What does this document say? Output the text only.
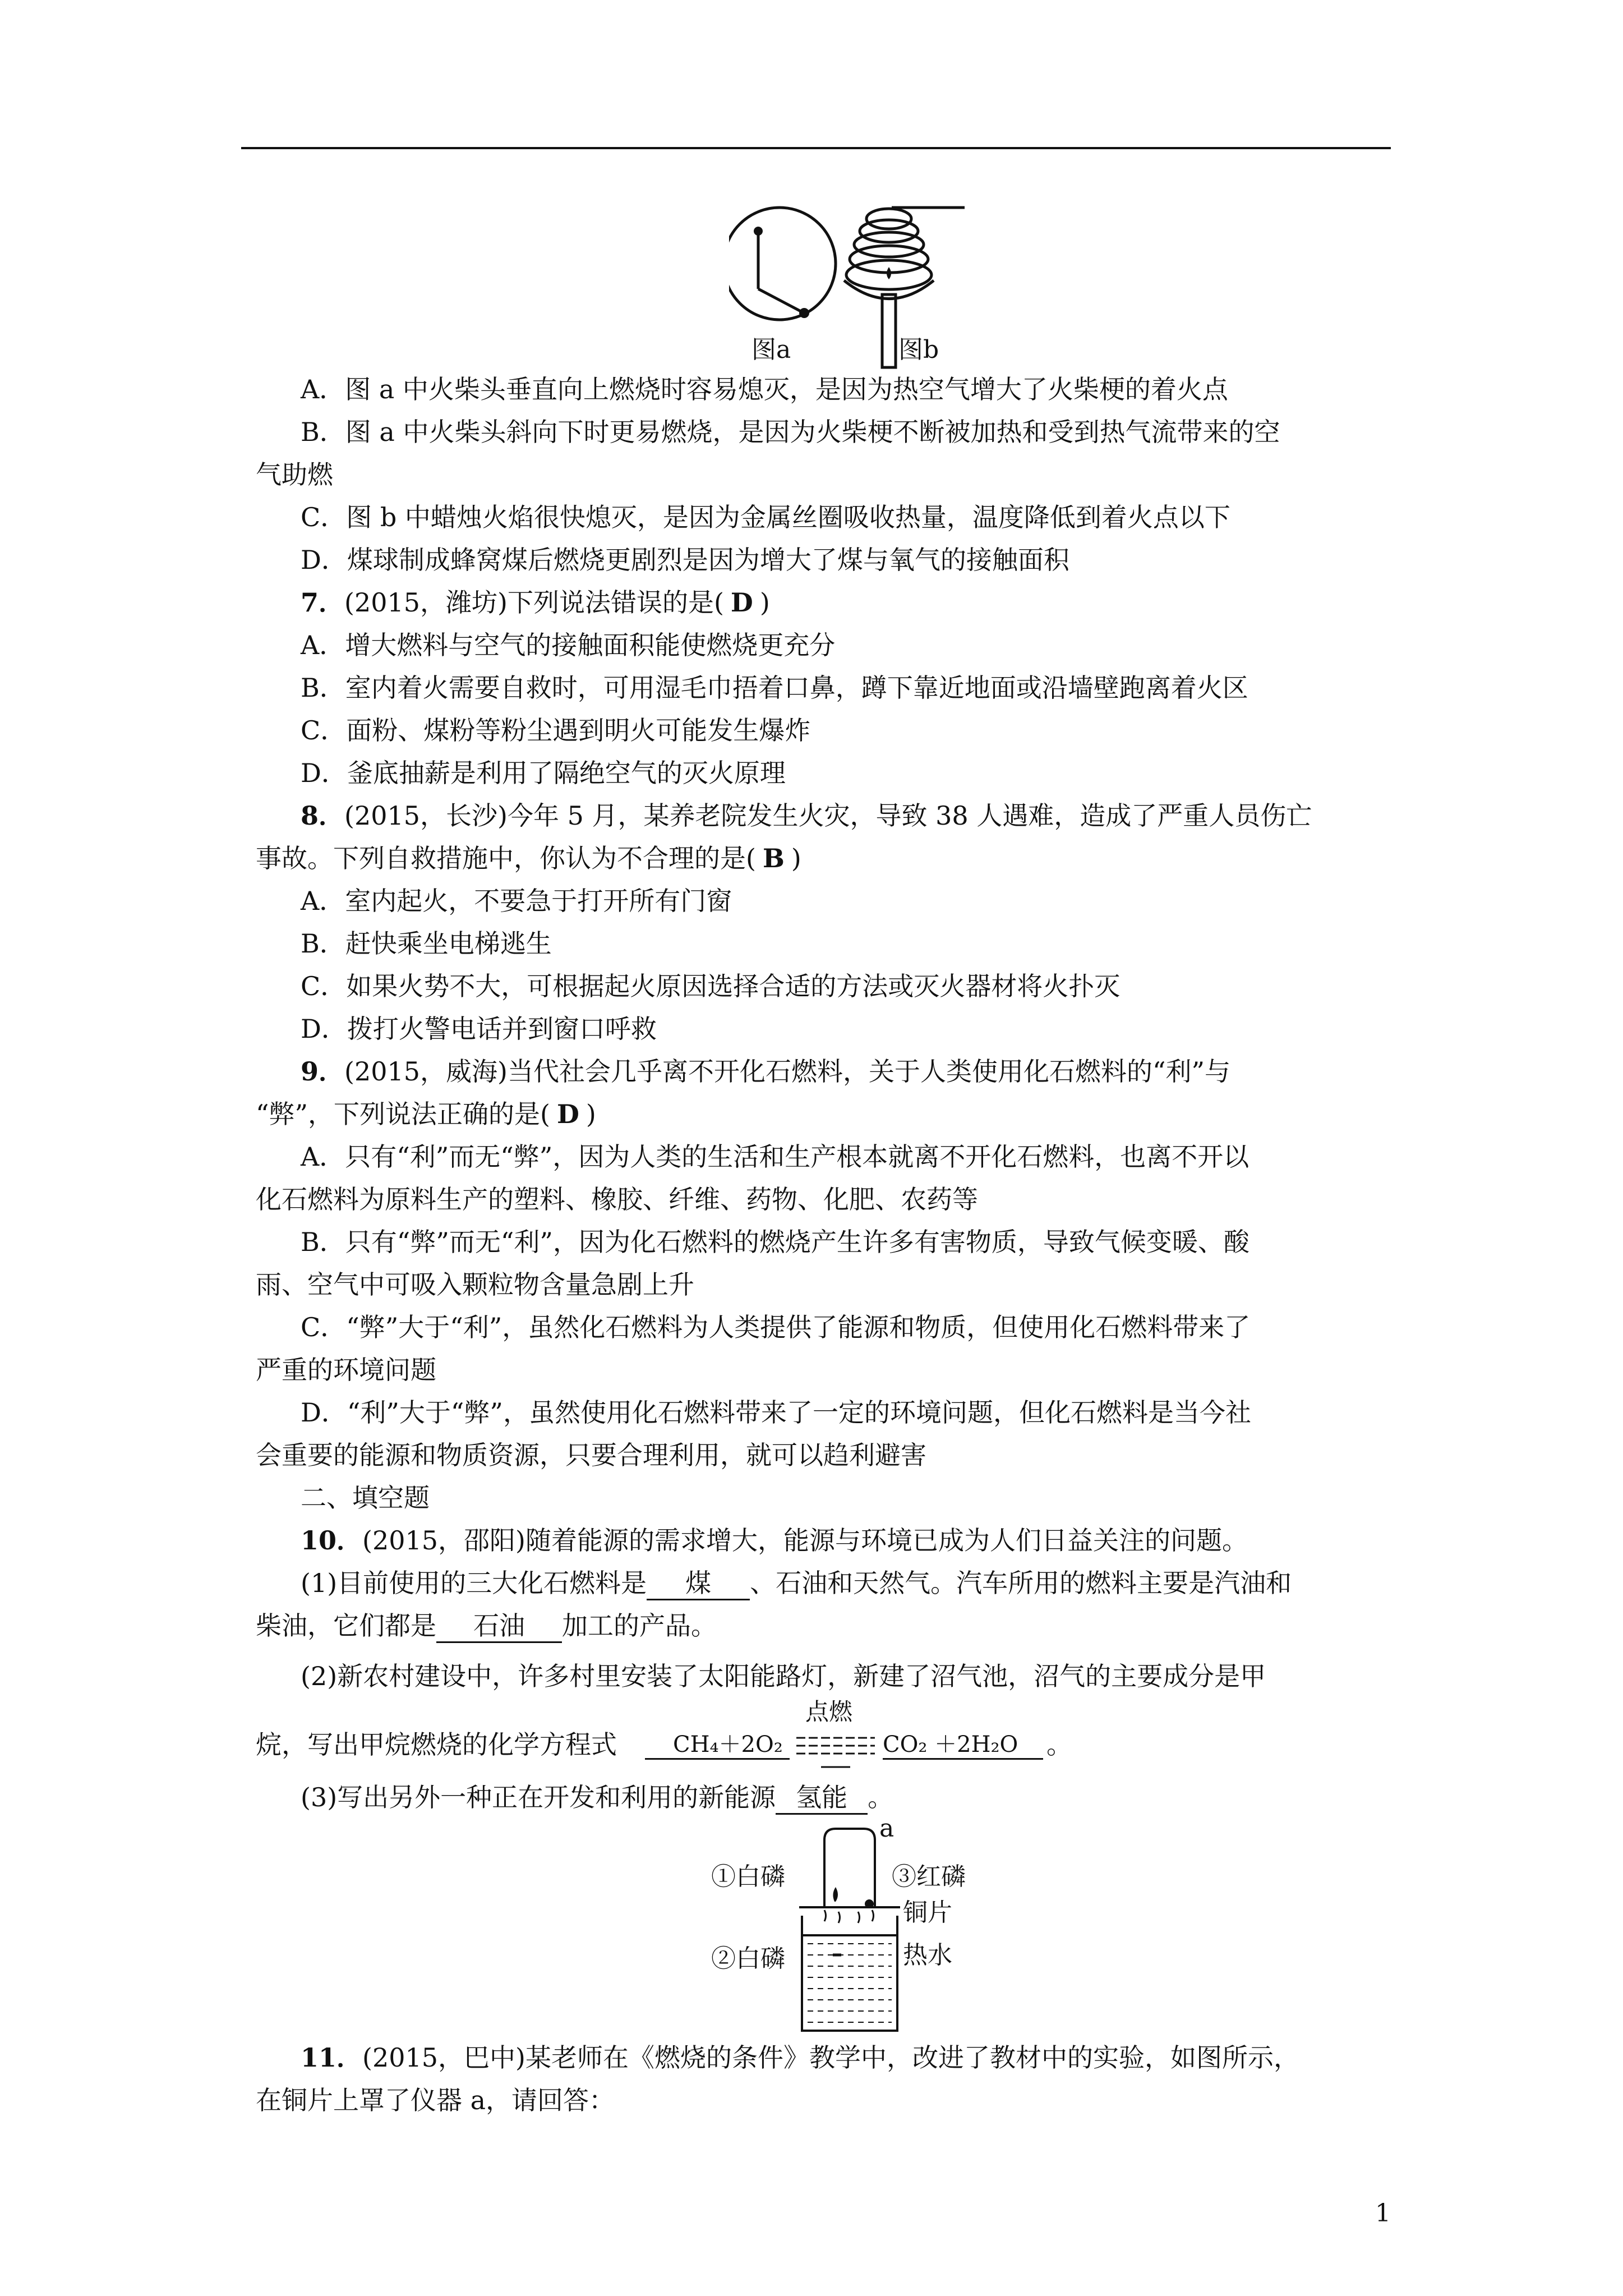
图a	图b
A．图 a 中火柴头垂直向上燃烧时容易熄灭，是因为热空气增大了火柴梗的着火点
B．图 a 中火柴头斜向下时更易燃烧，是因为火柴梗不断被加热和受到热气流带来的空
气助燃
C．图 b 中蜡烛火焰很快熄灭，是因为金属丝圈吸收热量，温度降低到着火点以下
D．煤球制成蜂窝煤后燃烧更剧烈是因为增大了煤与氧气的接触面积
7．(2015，潍坊)下列说法错误的是( D )
A．增大燃料与空气的接触面积能使燃烧更充分
B．室内着火需要自救时，可用湿毛巾捂着口鼻，蹲下靠近地面或沿墙壁跑离着火区
C．面粉、煤粉等粉尘遇到明火可能发生爆炸
D．釜底抽薪是利用了隔绝空气的灭火原理
8．(2015，长沙)今年 5 月，某养老院发生火灾，导致 38 人遇难，造成了严重人员伤亡
事故。下列自救措施中，你认为不合理的是( B )
A．室内起火，不要急于打开所有门窗
B．赶快乘坐电梯逃生
C．如果火势不大，可根据起火原因选择合适的方法或灭火器材将火扑灭
D．拨打火警电话并到窗口呼救
9．(2015，威海)当代社会几乎离不开化石燃料，关于人类使用化石燃料的“利”与
“弊”，下列说法正确的是( D )
A．只有“利”而无“弊”，因为人类的生活和生产根本就离不开化石燃料，也离不开以
化石燃料为原料生产的塑料、橡胶、纤维、药物、化肥、农药等
B．只有“弊”而无“利”，因为化石燃料的燃烧产生许多有害物质，导致气候变暖、酸
雨、空气中可吸入颗粒物含量急剧上升
C．“弊”大于“利”，虽然化石燃料为人类提供了能源和物质，但使用化石燃料带来了
严重的环境问题
D．“利”大于“弊”，虽然使用化石燃料带来了一定的环境问题，但化石燃料是当今社
会重要的能源和物质资源，只要合理利用，就可以趋利避害
二、填空题
10．(2015，邵阳)随着能源的需求增大，能源与环境已成为人们日益关注的问题。
(1)目前使用的三大化石燃料是 煤 、石油和天然气。汽车所用的燃料主要是汽油和
柴油，它们都是 石油 加工的产品。
(2)新农村建设中，许多村里安装了太阳能路灯，新建了沼气池，沼气的主要成分是甲
烷，写出甲烷燃烧的化学方程式	CH₄＋2O₂
点燃
CO₂ ＋2H₂O 。
(3)写出另外一种正在开发和利用的新能源 氢能 。
a
①白磷	③红磷
铜片
②白磷	热水
11．(2015，巴中)某老师在《燃烧的条件》教学中，改进了教材中的实验，如图所示，
在铜片上罩了仪器 a，请回答：
1
